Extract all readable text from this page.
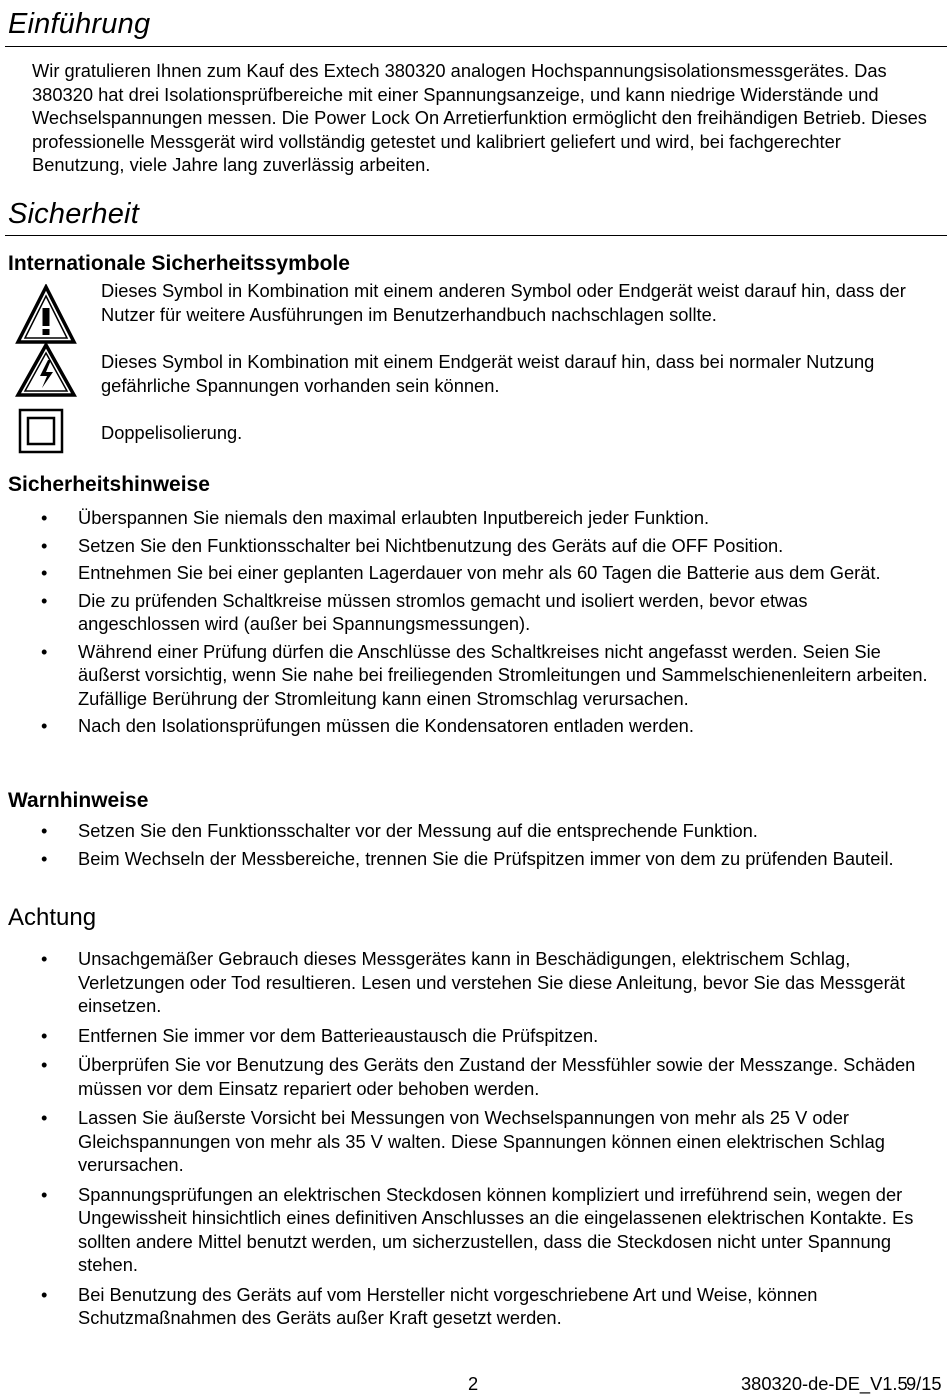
Einführung

Wir gratulieren Ihnen zum Kauf des Extech 380320 analogen Hochspannungsisolationsmessgerätes. Das 380320 hat drei Isolationsprüfbereiche mit einer Spannungsanzeige, und kann niedrige Widerstände und Wechselspannungen messen. Die Power Lock On Arretierfunktion ermöglicht den freihändigen Betrieb. Dieses professionelle Messgerät wird vollständig getestet und kalibriert geliefert und wird, bei fachgerechter Benutzung, viele Jahre lang zuverlässig arbeiten.

Sicherheit
Internationale Sicherheitssymbole
Dieses Symbol in Kombination mit einem anderen Symbol oder Endgerät weist darauf hin, dass der Nutzer für weitere Ausführungen im Benutzerhandbuch nachschlagen sollte.
Dieses Symbol in Kombination mit einem Endgerät weist darauf hin, dass bei normaler Nutzung gefährliche Spannungen vorhanden sein können.
Doppelisolierung.
Sicherheitshinweise
• Überspannen Sie niemals den maximal erlaubten Inputbereich jeder Funktion.
• Setzen Sie den Funktionsschalter bei Nichtbenutzung des Geräts auf die OFF Position.
• Entnehmen Sie bei einer geplanten Lagerdauer von mehr als 60 Tagen die Batterie aus dem Gerät.
• Die zu prüfenden Schaltkreise müssen stromlos gemacht und isoliert werden, bevor etwas angeschlossen wird (außer bei Spannungsmessungen).
• Während einer Prüfung dürfen die Anschlüsse des Schaltkreises nicht angefasst werden. Seien Sie äußerst vorsichtig, wenn Sie nahe bei freiliegenden Stromleitungen und Sammelschienenleitern arbeiten. Zufällige Berührung der Stromleitung kann einen Stromschlag verursachen.
• Nach den Isolationsprüfungen müssen die Kondensatoren entladen werden.
Warnhinweise
• Setzen Sie den Funktionsschalter vor der Messung auf die entsprechende Funktion.
• Beim Wechseln der Messbereiche, trennen Sie die Prüfspitzen immer von dem zu prüfenden Bauteil.
Achtung
• Unsachgemäßer Gebrauch dieses Messgerätes kann in Beschädigungen, elektrischem Schlag, Verletzungen oder Tod resultieren. Lesen und verstehen Sie diese Anleitung, bevor Sie das Messgerät einsetzen.
• Entfernen Sie immer vor dem Batterieaustausch die Prüfspitzen.
• Überprüfen Sie vor Benutzung des Geräts den Zustand der Messfühler sowie der Messzange. Schäden müssen vor dem Einsatz repariert oder behoben werden.
• Lassen Sie äußerste Vorsicht bei Messungen von Wechselspannungen von mehr als 25 V oder Gleichspannungen von mehr als 35 V walten. Diese Spannungen können einen elektrischen Schlag verursachen.
• Spannungsprüfungen an elektrischen Steckdosen können kompliziert und irreführend sein, wegen der Ungewissheit hinsichtlich eines definitiven Anschlusses an die eingelassenen elektrischen Kontakte. Es sollten andere Mittel benutzt werden, um sicherzustellen, dass die Steckdosen nicht unter Spannung stehen.
• Bei Benutzung des Geräts auf vom Hersteller nicht vorgeschriebene Art und Weise, können Schutzmaßnahmen des Geräts außer Kraft gesetzt werden.
2	380320-de-DE_V1.5
9/15
